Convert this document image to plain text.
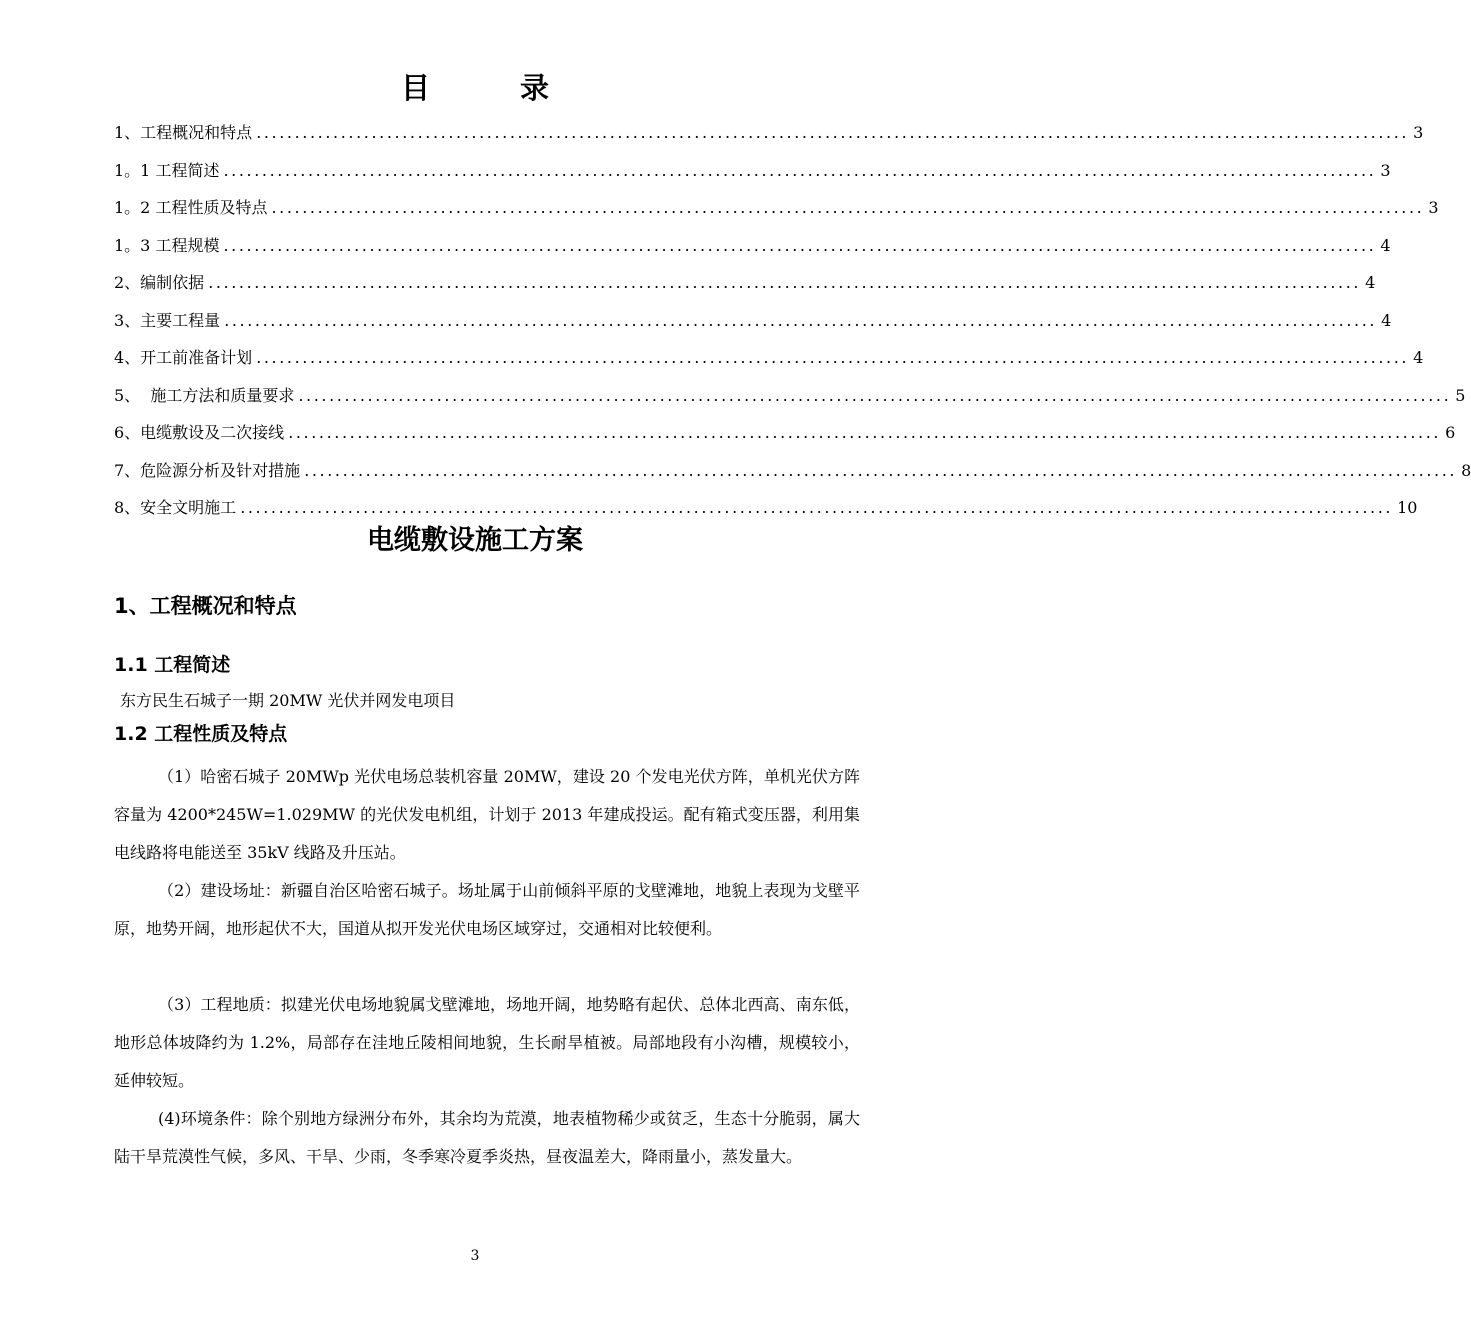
目 录
1、工程概况和特点 ...................................................................................................................................................... 3
1。1 工程简述 ...................................................................................................................................................... 3
1。2 工程性质及特点 ...................................................................................................................................................... 3
1。3 工程规模 ...................................................................................................................................................... 4
2、编制依据 ...................................................................................................................................................... 4
3、主要工程量 ...................................................................................................................................................... 4
4、开工前准备计划 ...................................................................................................................................................... 4
5、  施工方法和质量要求 ...................................................................................................................................................... 5
6、电缆敷设及二次接线 ...................................................................................................................................................... 6
7、危险源分析及针对措施 ...................................................................................................................................................... 8
8、安全文明施工 ...................................................................................................................................................... 10
电缆敷设施工方案
1、工程概况和特点
1.1 工程简述
东方民生石城子一期 20MW 光伏并网发电项目
1.2 工程性质及特点
（1）哈密石城子 20MWp 光伏电场总装机容量 20MW，建设 20 个发电光伏方阵，单机光伏方阵容量为 4200*245W=1.029MW 的光伏发电机组，计划于 2013 年建成投运。配有箱式变压器，利用集电线路将电能送至 35kV 线路及升压站。
（2）建设场址：新疆自治区哈密石城子。场址属于山前倾斜平原的戈壁滩地，地貌上表现为戈壁平原，地势开阔，地形起伏不大，国道从拟开发光伏电场区域穿过，交通相对比较便利。
（3）工程地质：拟建光伏电场地貌属戈壁滩地，场地开阔，地势略有起伏、总体北西高、南东低，地形总体坡降约为 1.2%，局部存在洼地丘陵相间地貌，生长耐旱植被。局部地段有小沟槽，规模较小，延伸较短。
(4)环境条件：除个别地方绿洲分布外，其余均为荒漠，地表植物稀少或贫乏，生态十分脆弱，属大陆干旱荒漠性气候，多风、干旱、少雨，冬季寒冷夏季炎热，昼夜温差大，降雨量小，蒸发量大。
3
